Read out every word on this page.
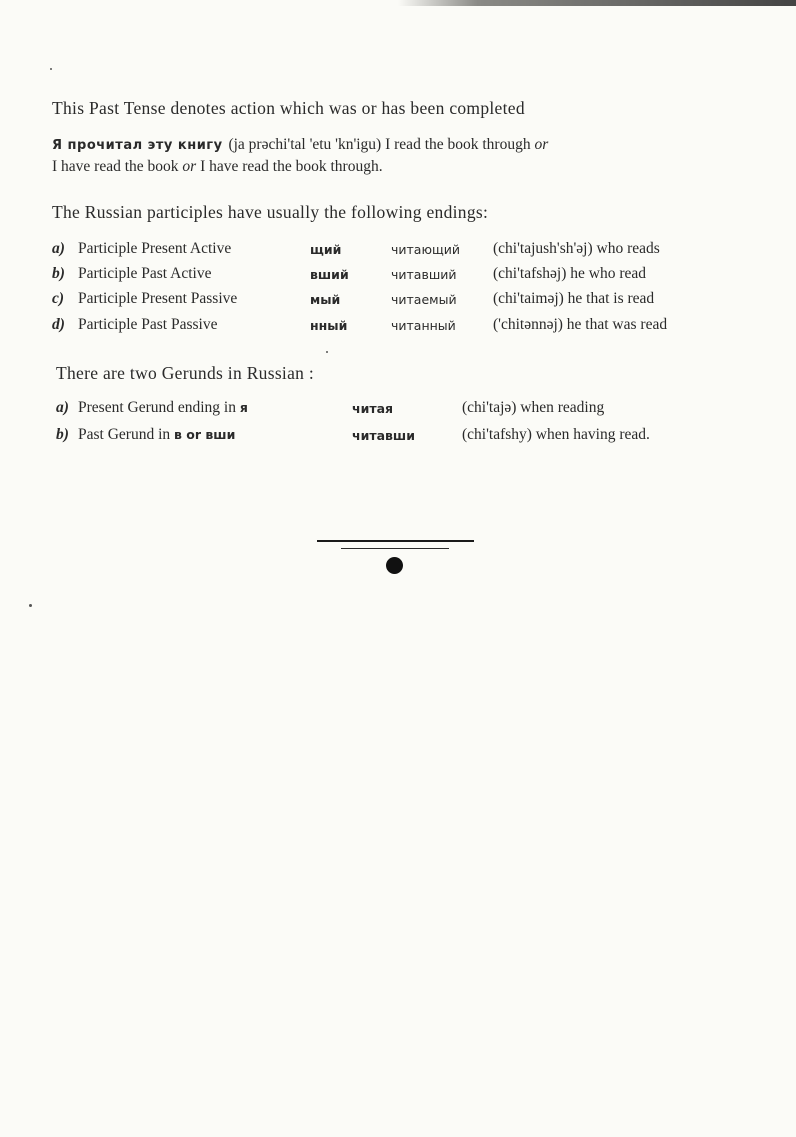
This Past Tense denotes action which was or has been completed
Я прочитал эту книгу (ja prəchi'tal 'etu 'kn'igu) I read the book through or
I have read the book or I have read the book through.
The Russian participles have usually the following endings:
a) Participle Present Active	щий	читающий (chi'tajush'sh'əj) who reads
b) Participle Past Active	вший	читавший (chi'tafshəj) he who read
c) Participle Present Passive	мый	читаемый (chi'taiməj) he that is read
d) Participle Past Passive	нный	читанный ('chitənnəj) he that was read
There are two Gerunds in Russian :
a) Present Gerund ending in я	читая	(chi'tajə) when reading
b) Past Gerund in в or вши	читавши	(chi'tafshy) when having read.
